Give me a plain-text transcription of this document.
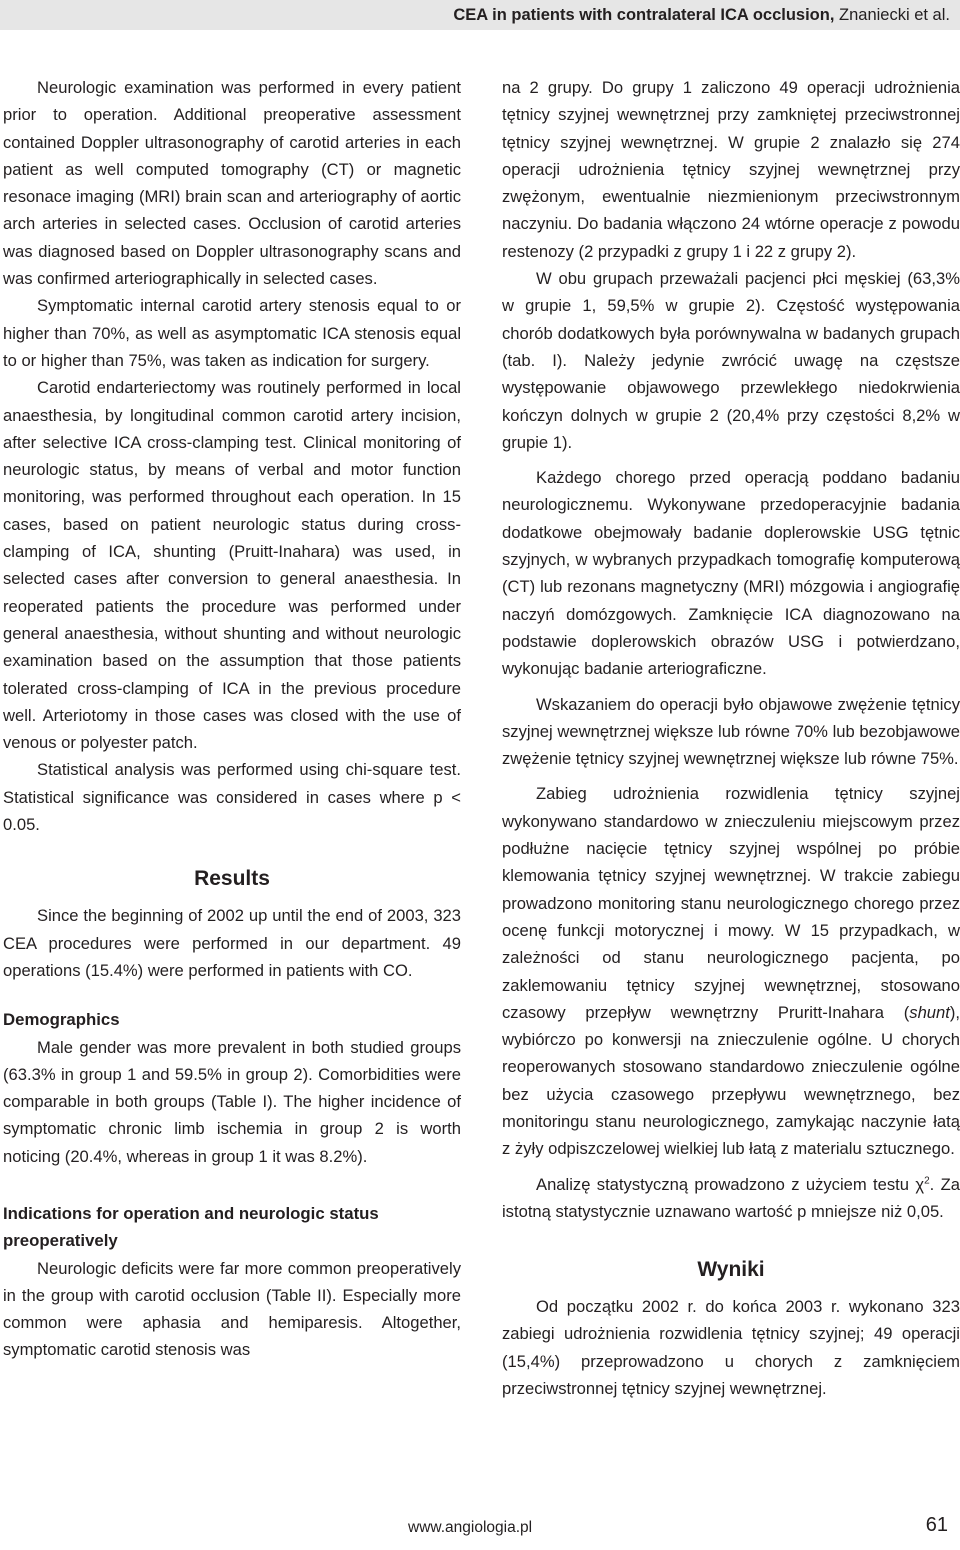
CEA in patients with contralateral ICA occlusion, Znaniecki et al.

Neurologic examination was performed in every patient prior to operation. Additional preoperative assessment contained Doppler ultrasonography of carotid arteries in each patient as well computed tomography (CT) or magnetic resonace imaging (MRI) brain scan and arteriography of aortic arch arteries in selected cases. Occlusion of carotid arteries was diagnosed based on Doppler ultrasonography scans and was confirmed arteriographically in selected cases.

Symptomatic internal carotid artery stenosis equal to or higher than 70%, as well as asymptomatic ICA stenosis equal to or higher than 75%, was taken as indication for surgery.

Carotid endarteriectomy was routinely performed in local anaesthesia, by longitudinal common carotid artery incision, after selective ICA cross-clamping test. Clinical monitoring of neurologic status, by means of verbal and motor function monitoring, was performed throughout each operation. In 15 cases, based on patient neurologic status during cross-clamping of ICA, shunting (Pruitt-Inahara) was used, in selected cases after conversion to general anaesthesia. In reoperated patients the procedure was performed under general anaesthesia, without shunting and without neurologic examination based on the assumption that those patients tolerated cross-clamping of ICA in the previous procedure well. Arteriotomy in those cases was closed with the use of venous or polyester patch.

Statistical analysis was performed using chi-square test. Statistical significance was considered in cases where p < 0.05.

Results

Since the beginning of 2002 up until the end of 2003, 323 CEA procedures were performed in our department. 49 operations (15.4%) were performed in patients with CO.

Demographics

Male gender was more prevalent in both studied groups (63.3% in group 1 and 59.5% in group 2). Comorbidities were comparable in both groups (Table I). The higher incidence of symptomatic chronic limb ischemia in group 2 is worth noticing (20.4%, whereas in group 1 it was 8.2%).

Indications for operation and neurologic status preoperatively

Neurologic deficits were far more common preoperatively in the group with carotid occlusion (Table II). Especially more common were aphasia and hemiparesis. Altogether, symptomatic carotid stenosis was

na 2 grupy. Do grupy 1 zaliczono 49 operacji udrożnienia tętnicy szyjnej wewnętrznej przy zamkniętej przeciwstronnej tętnicy szyjnej wewnętrznej. W grupie 2 znalazło się 274 operacji udrożnienia tętnicy szyjnej wewnętrznej przy zwężonym, ewentualnie niezmienionym przeciwstronnym naczyniu. Do badania włączono 24 wtórne operacje z powodu restenozy (2 przypadki z grupy 1 i 22 z grupy 2).

W obu grupach przeważali pacjenci płci męskiej (63,3% w grupie 1, 59,5% w grupie 2). Częstość występowania chorób dodatkowych była porównywalna w badanych grupach (tab. I). Należy jedynie zwrócić uwagę na częstsze występowanie objawowego przewlekłego niedokrwienia kończyn dolnych w grupie 2 (20,4% przy częstości 8,2% w grupie 1).

Każdego chorego przed operacją poddano badaniu neurologicznemu. Wykonywane przedoperacyjnie badania dodatkowe obejmowały badanie doplerowskie USG tętnic szyjnych, w wybranych przypadkach tomografię komputerową (CT) lub rezonans magnetyczny (MRI) mózgowia i angiografię naczyń domózgowych. Zamknięcie ICA diagnozowano na podstawie doplerowskich obrazów USG i potwierdzano, wykonując badanie arteriograficzne.

Wskazaniem do operacji było objawowe zwężenie tętnicy szyjnej wewnętrznej większe lub równe 70% lub bezobjawowe zwężenie tętnicy szyjnej wewnętrznej większe lub równe 75%.

Zabieg udrożnienia rozwidlenia tętnicy szyjnej wykonywano standardowo w znieczuleniu miejscowym przez podłużne nacięcie tętnicy szyjnej wspólnej po próbie klemowania tętnicy szyjnej wewnętrznej. W trakcie zabiegu prowadzono monitoring stanu neurologicznego chorego przez ocenę funkcji motorycznej i mowy. W 15 przypadkach, w zależności od stanu neurologicznego pacjenta, po zaklemowaniu tętnicy szyjnej wewnętrznej, stosowano czasowy przepływ wewnętrzny Pruritt-Inahara (shunt), wybiórczo po konwersji na znieczulenie ogólne. U chorych reoperowanych stosowano standardowo znieczulenie ogólne bez użycia czasowego przepływu wewnętrznego, bez monitoringu stanu neurologicznego, zamykając naczynie łatą z żyły odpiszczelowej wielkiej lub łatą z materialu sztucznego.

Analizę statystyczną prowadzono z użyciem testu $\chi^2$. Za istotną statystycznie uznawano wartość p mniejsze niż 0,05.

Wyniki

Od początku 2002 r. do końca 2003 r. wykonano 323 zabiegi udrożnienia rozwidlenia tętnicy szyjnej; 49 operacji (15,4%) przeprowadzono u chorych z zamknięciem przeciwstronnej tętnicy szyjnej wewnętrznej.

www.angiologia.pl	61
